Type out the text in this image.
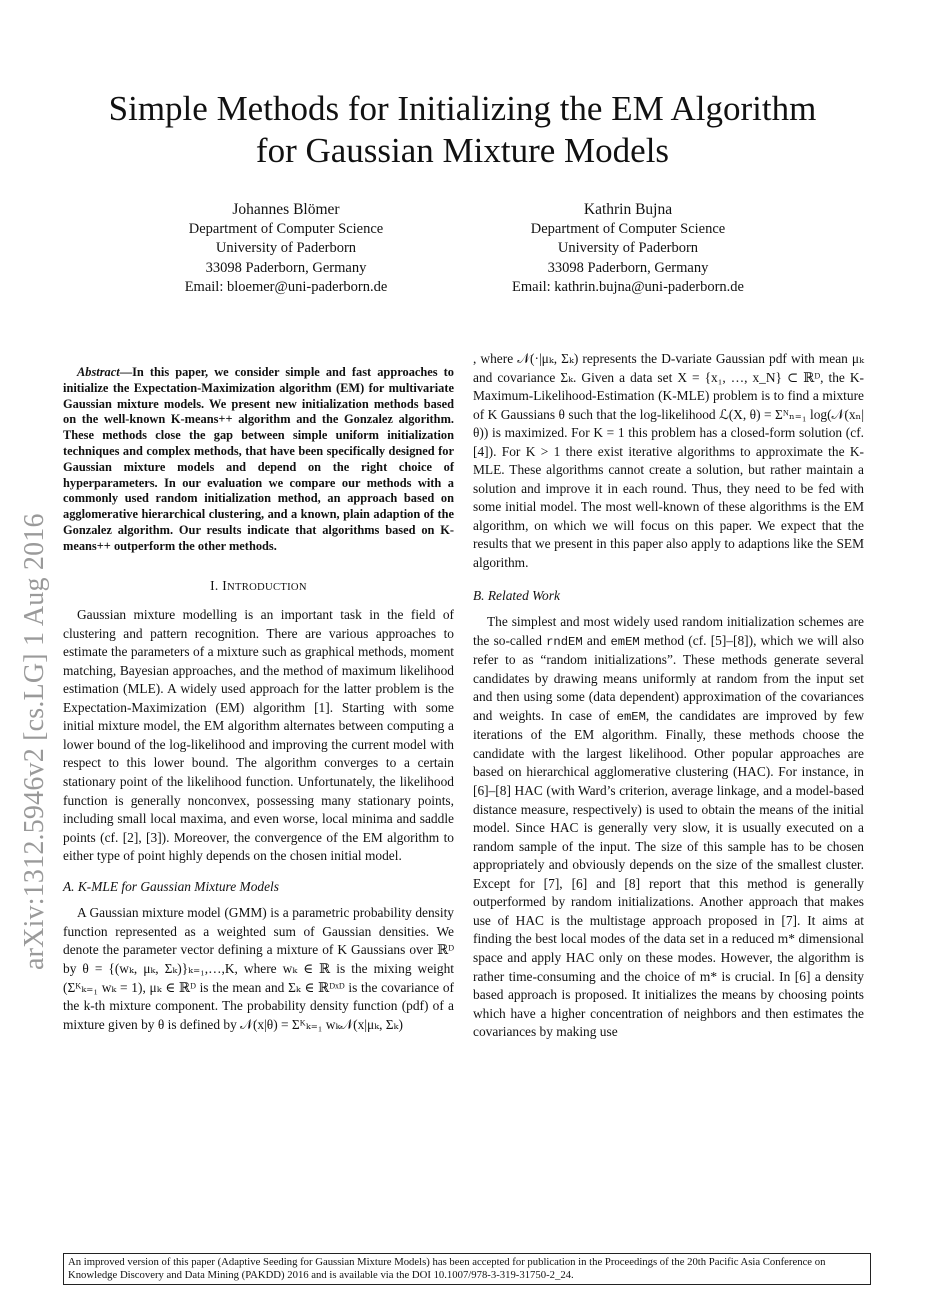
Simple Methods for Initializing the EM Algorithm
for Gaussian Mixture Models
Johannes Blömer
Department of Computer Science
University of Paderborn
33098 Paderborn, Germany
Email: bloemer@uni-paderborn.de
Kathrin Bujna
Department of Computer Science
University of Paderborn
33098 Paderborn, Germany
Email: kathrin.bujna@uni-paderborn.de
arXiv:1312.5946v2 [cs.LG] 1 Aug 2016

Abstract—In this paper, we consider simple and fast approaches to initialize the Expectation-Maximization algorithm (EM) for multivariate Gaussian mixture models. We present new initialization methods based on the well-known K-means++ algorithm and the Gonzalez algorithm. These methods close the gap between simple uniform initialization techniques and complex methods, that have been specifically designed for Gaussian mixture models and depend on the right choice of hyperparameters. In our evaluation we compare our methods with a commonly used random initialization method, an approach based on agglomerative hierarchical clustering, and a known, plain adaption of the Gonzalez algorithm. Our results indicate that algorithms based on K-means++ outperform the other methods.

I. INTRODUCTION

Gaussian mixture modelling is an important task in the field of clustering and pattern recognition. There are various approaches to estimate the parameters of a mixture such as graphical methods, moment matching, Bayesian approaches, and the method of maximum likelihood estimation (MLE). A widely used approach for the latter problem is the Expectation-Maximization (EM) algorithm [1]. Starting with some initial mixture model, the EM algorithm alternates between computing a lower bound of the log-likelihood and improving the current model with respect to this lower bound. The algorithm converges to a certain stationary point of the likelihood function. Unfortunately, the likelihood function is generally nonconvex, possessing many stationary points, including small local maxima, and even worse, local minima and saddle points (cf. [2], [3]). Moreover, the convergence of the EM algorithm to either type of point highly depends on the chosen initial model.

A. K-MLE for Gaussian Mixture Models

A Gaussian mixture model (GMM) is a parametric probability density function represented as a weighted sum of Gaussian densities. We denote the parameter vector defining a mixture of K Gaussians over ℝᴰ by θ = {(wₖ, μₖ, Σₖ)}ₖ₌₁,…,K, where wₖ ∈ ℝ is the mixing weight (Σᴷₖ₌₁ wₖ = 1), μₖ ∈ ℝᴰ is the mean and Σₖ ∈ ℝᴰˣᴰ is the covariance of the k-th mixture component. The probability density function (pdf) of a mixture given by θ is defined by 𝒩(x|θ) = Σᴷₖ₌₁ wₖ𝒩(x|μₖ, Σₖ)

, where 𝒩(·|μₖ, Σₖ) represents the D-variate Gaussian pdf with mean μₖ and covariance Σₖ. Given a data set X = {x₁, …, x_N} ⊂ ℝᴰ, the K-Maximum-Likelihood-Estimation (K-MLE) problem is to find a mixture of K Gaussians θ such that the log-likelihood ℒ(X, θ) = Σᴺₙ₌₁ log(𝒩(xₙ|θ)) is maximized. For K = 1 this problem has a closed-form solution (cf. [4]). For K > 1 there exist iterative algorithms to approximate the K-MLE. These algorithms cannot create a solution, but rather maintain a solution and improve it in each round. Thus, they need to be fed with some initial model. The most well-known of these algorithms is the EM algorithm, on which we will focus on this paper. We expect that the results that we present in this paper also apply to adaptions like the SEM algorithm.

B. Related Work

The simplest and most widely used random initialization schemes are the so-called rndEM and emEM method (cf. [5]–[8]), which we will also refer to as “random initializations”. These methods generate several candidates by drawing means uniformly at random from the input set and then using some (data dependent) approximation of the covariances and weights. In case of emEM, the candidates are improved by few iterations of the EM algorithm. Finally, these methods choose the candidate with the largest likelihood. Other popular approaches are based on hierarchical agglomerative clustering (HAC). For instance, in [6]–[8] HAC (with Ward’s criterion, average linkage, and a model-based distance measure, respectively) is used to obtain the means of the initial model. Since HAC is generally very slow, it is usually executed on a random sample of the input. The size of this sample has to be chosen appropriately and obviously depends on the size of the smallest cluster. Except for [7], [6] and [8] report that this method is generally outperformed by random initializations. Another approach that makes use of HAC is the multistage approach proposed in [7]. It aims at finding the best local modes of the data set in a reduced m* dimensional space and apply HAC only on these modes. However, the algorithm is rather time-consuming and the choice of m* is crucial. In [6] a density based approach is proposed. It initializes the means by choosing points which have a higher concentration of neighbors and then estimates the covariances by making use

An improved version of this paper (Adaptive Seeding for Gaussian Mixture Models) has been accepted for publication in the Proceedings of the 20th Pacific Asia Conference on Knowledge Discovery and Data Mining (PAKDD) 2016 and is available via the DOI 10.1007/978-3-319-31750-2_24.
